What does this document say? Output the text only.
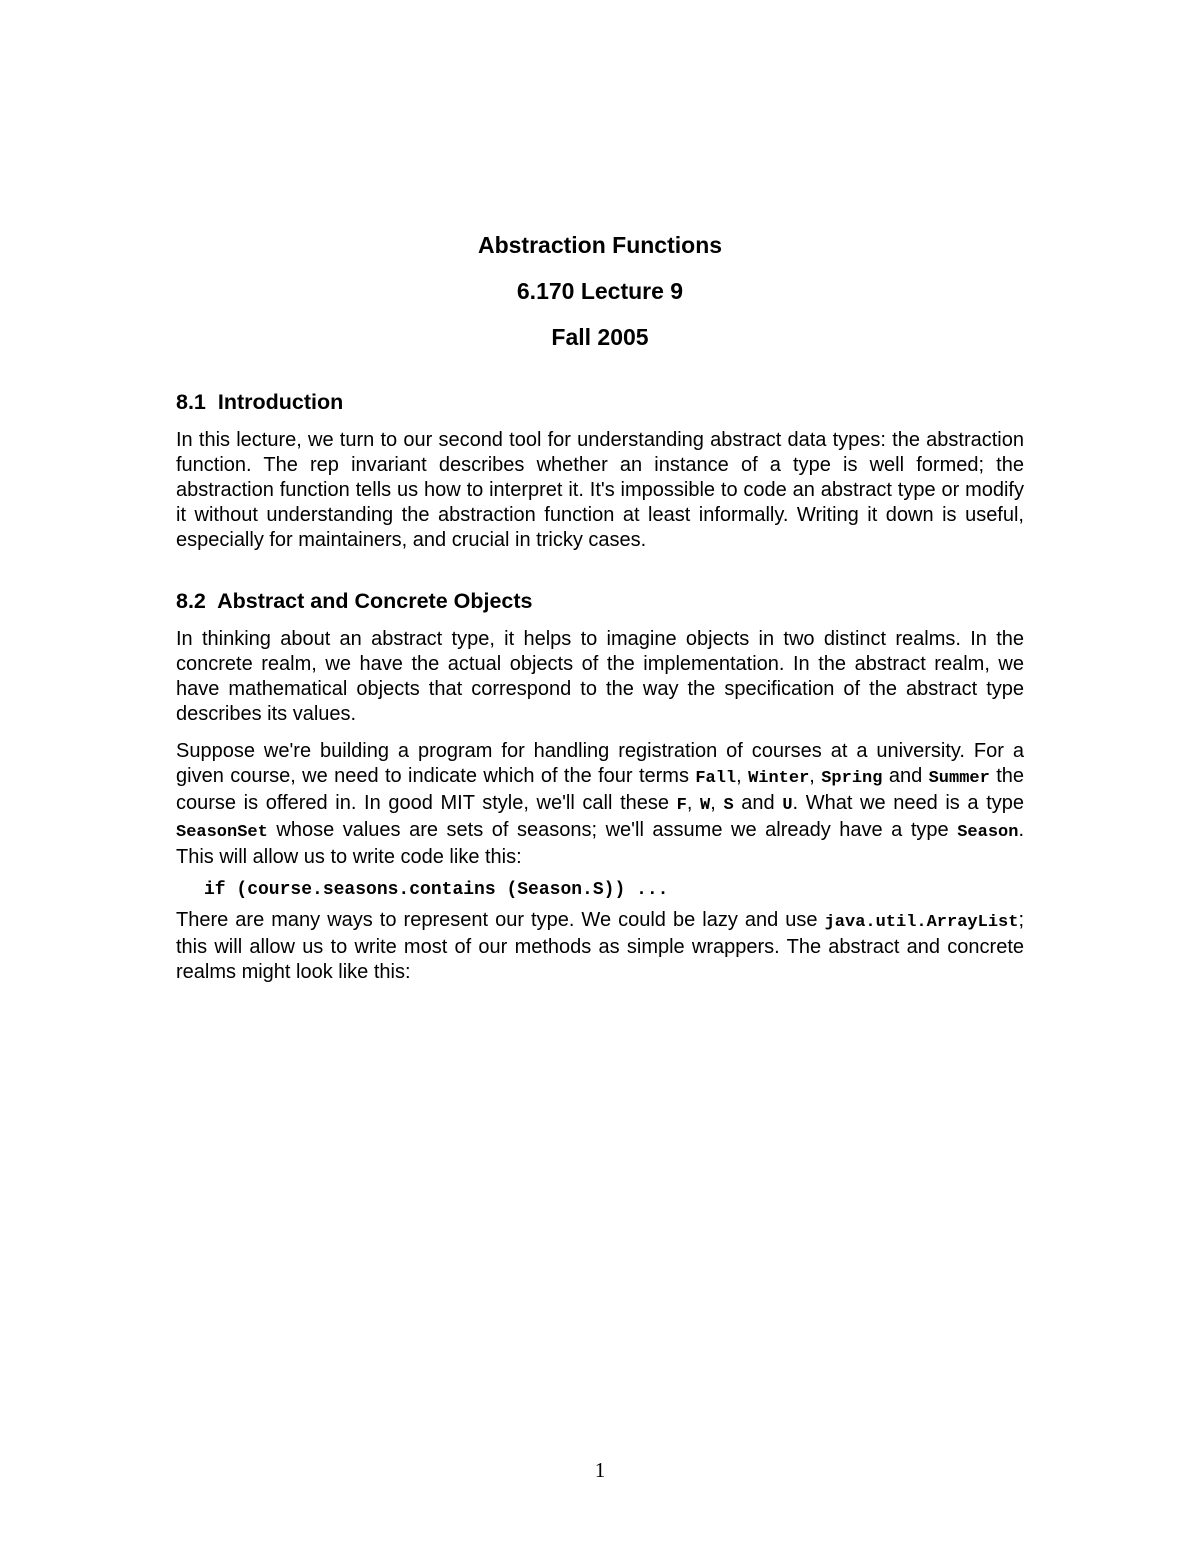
Abstraction Functions
6.170 Lecture 9
Fall 2005
8.1 Introduction

In this lecture, we turn to our second tool for understanding abstract data types: the abstraction function. The rep invariant describes whether an instance of a type is well formed; the abstraction function tells us how to interpret it. It's impossible to code an abstract type or modify it without understanding the abstraction function at least informally. Writing it down is useful, especially for maintainers, and crucial in tricky cases.

8.2 Abstract and Concrete Objects

In thinking about an abstract type, it helps to imagine objects in two distinct realms. In the concrete realm, we have the actual objects of the implementation. In the abstract realm, we have mathematical objects that correspond to the way the specification of the abstract type describes its values.

Suppose we're building a program for handling registration of courses at a university. For a given course, we need to indicate which of the four terms Fall, Winter, Spring and Summer the course is offered in. In good MIT style, we'll call these F, W, S and U. What we need is a type SeasonSet whose values are sets of seasons; we'll assume we already have a type Season. This will allow us to write code like this:

if (course.seasons.contains (Season.S)) ...

There are many ways to represent our type. We could be lazy and use java.util.ArrayList; this will allow us to write most of our methods as simple wrappers. The abstract and concrete realms might look like this:

1
